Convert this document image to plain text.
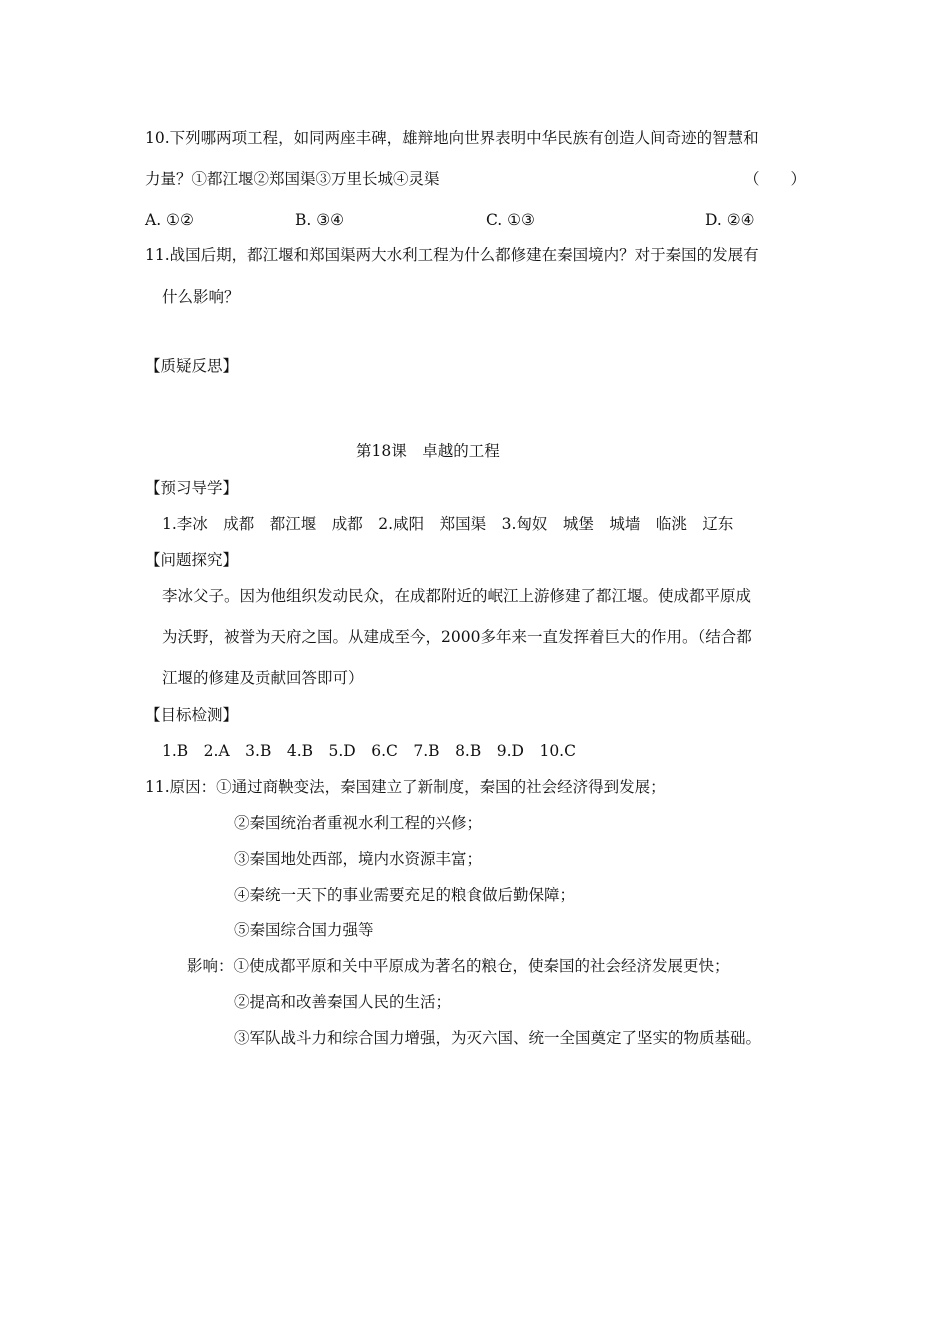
10.下列哪两项工程，如同两座丰碑，雄辩地向世界表明中华民族有创造人间奇迹的智慧和
力量？①都江堰②郑国渠③万里长城④灵渠	（　　）
A. ①②	B. ③④	C. ①③	D. ②④
11.战国后期，都江堰和郑国渠两大水利工程为什么都修建在秦国境内？对于秦国的发展有
什么影响？
【质疑反思】
第18课　卓越的工程
【预习导学】
1.李冰　成都　都江堰　成都　2.咸阳　郑国渠　3.匈奴　城堡　城墙　临洮　辽东
【问题探究】
李冰父子。因为他组织发动民众，在成都附近的岷江上游修建了都江堰。使成都平原成
为沃野，被誉为天府之国。从建成至今，2000多年来一直发挥着巨大的作用。（结合都
江堰的修建及贡献回答即可）
【目标检测】
1.B　2.A　3.B　4.B　5.D　6.C　7.B　8.B　9.D　10.C
11.原因：①通过商鞅变法，秦国建立了新制度，秦国的社会经济得到发展；
②秦国统治者重视水利工程的兴修；
③秦国地处西部，境内水资源丰富；
④秦统一天下的事业需要充足的粮食做后勤保障；
⑤秦国综合国力强等
影响：①使成都平原和关中平原成为著名的粮仓，使秦国的社会经济发展更快；
②提高和改善秦国人民的生活；
③军队战斗力和综合国力增强，为灭六国、统一全国奠定了坚实的物质基础。
